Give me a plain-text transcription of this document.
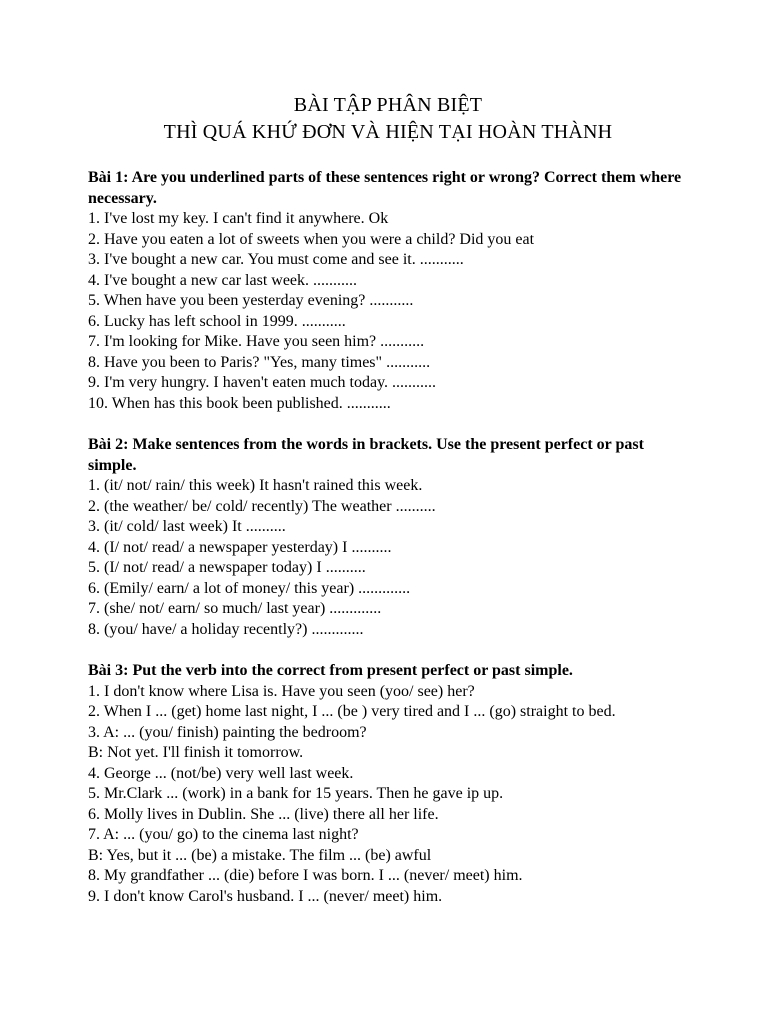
BÀI TẬP PHÂN BIỆT

THÌ QUÁ KHỨ ĐƠN VÀ HIỆN TẠI HOÀN THÀNH

Bài 1: Are you underlined parts of these sentences right or wrong? Correct them where necessary.

1. I've lost my key. I can't find it anywhere. Ok

2. Have you eaten a lot of sweets when you were a child? Did you eat

3. I've bought a new car. You must come and see it. ...........

4. I've bought a new car last week. ...........

5. When have you been yesterday evening? ...........

6. Lucky has left school in 1999. ...........

7. I'm looking for Mike. Have you seen him? ...........

8. Have you been to Paris? "Yes, many times" ...........

9. I'm very hungry. I haven't eaten much today. ...........

10. When has this book been published. ...........

Bài 2: Make sentences from the words in brackets. Use the present perfect or past simple.

1. (it/ not/ rain/ this week) It hasn't rained this week.

2. (the weather/ be/ cold/ recently) The weather ..........

3. (it/ cold/ last week) It ..........

4. (I/ not/ read/ a newspaper yesterday) I ..........

5. (I/ not/ read/ a newspaper today) I ..........

6. (Emily/ earn/ a lot of money/ this year) .............

7. (she/ not/ earn/ so much/ last year) .............

8. (you/ have/ a holiday recently?) .............

Bài 3: Put the verb into the correct from present perfect or past simple.

1. I don't know where Lisa is. Have you seen (yoo/ see) her?

2. When I ... (get) home last night, I ... (be ) very tired and I ... (go) straight to bed.

3. A: ... (you/ finish) painting the bedroom?

B: Not yet. I'll finish it tomorrow.

4. George ... (not/be) very well last week.

5. Mr.Clark ... (work) in a bank for 15 years. Then he gave ip up.

6. Molly lives in Dublin. She ... (live) there all her life.

7. A: ... (you/ go) to the cinema last night?

B: Yes, but it ... (be) a mistake. The film ... (be) awful

8. My grandfather ... (die) before I was born. I ... (never/ meet) him.

9. I don't know Carol's husband. I ... (never/ meet) him.
